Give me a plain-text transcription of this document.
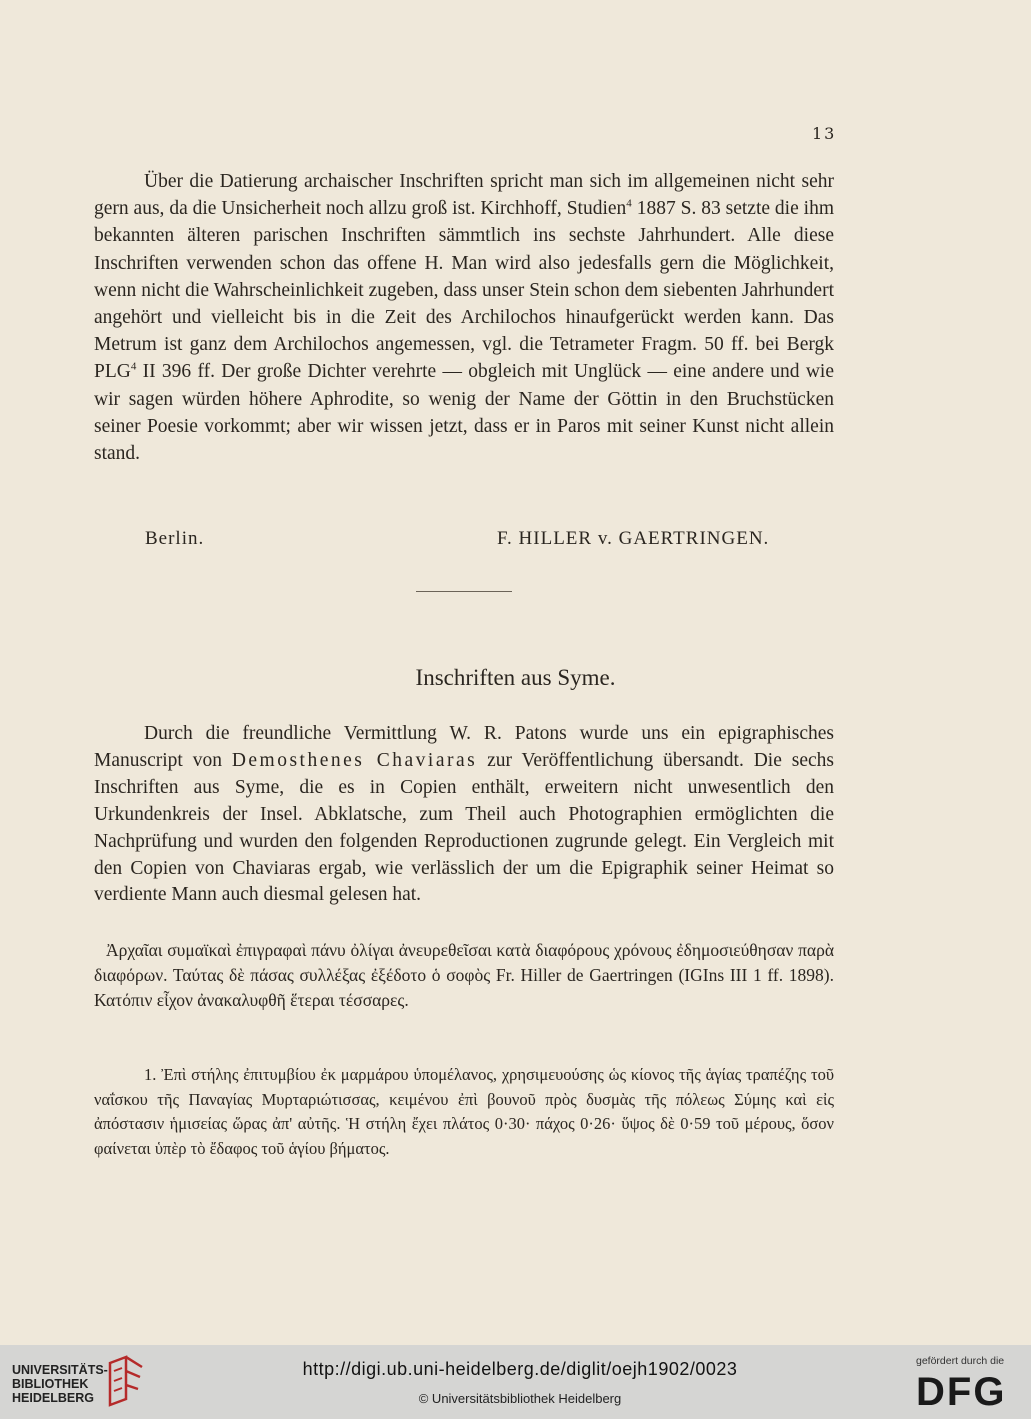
13
Über die Datierung archaischer Inschriften spricht man sich im allgemeinen nicht sehr gern aus, da die Unsicherheit noch allzu groß ist. Kirchhoff, Studien$^4$ 1887 S. 83 setzte die ihm bekannten älteren parischen Inschriften sämmtlich ins sechste Jahrhundert. Alle diese Inschriften verwenden schon das offene H. Man wird also jedesfalls gern die Möglichkeit, wenn nicht die Wahrscheinlichkeit zugeben, dass unser Stein schon dem siebenten Jahrhundert angehört und vielleicht bis in die Zeit des Archilochos hinaufgerückt werden kann. Das Metrum ist ganz dem Archilochos angemessen, vgl. die Tetrameter Fragm. 50 ff. bei Bergk PLG$^4$ II 396 ff. Der große Dichter verehrte — obgleich mit Unglück — eine andere und wie wir sagen würden höhere Aphrodite, so wenig der Name der Göttin in den Bruchstücken seiner Poesie vorkommt; aber wir wissen jetzt, dass er in Paros mit seiner Kunst nicht allein stand.
Berlin.	F. HILLER v. GAERTRINGEN.
Inschriften aus Syme.
Durch die freundliche Vermittlung W. R. Patons wurde uns ein epigraphisches Manuscript von Demosthenes Chaviaras zur Veröffentlichung übersandt. Die sechs Inschriften aus Syme, die es in Copien enthält, erweitern nicht unwesentlich den Urkundenkreis der Insel. Abklatsche, zum Theil auch Photographien ermöglichten die Nachprüfung und wurden den folgenden Reproductionen zugrunde gelegt. Ein Vergleich mit den Copien von Chaviaras ergab, wie verlässlich der um die Epigraphik seiner Heimat so verdiente Mann auch diesmal gelesen hat.
Ἀρχαῖαι συμαϊκαὶ ἐπιγραφαὶ πάνυ ὀλίγαι ἀνευρεθεῖσαι κατὰ διαφόρους χρόνους ἐδημοσιεύθησαν παρὰ διαφόρων. Ταύτας δὲ πάσας συλλέξας ἐξέδοτο ὁ σοφὸς Fr. Hiller de Gaertringen (IGIns III 1 ff. 1898). Κατόπιν εἶχον ἀνακαλυφθῆ ἕτεραι τέσσαρες.
1. Ἐπὶ στήλης ἐπιτυμβίου ἐκ μαρμάρου ὑπομέλανος, χρησιμευούσης ὡς κίονος τῆς ἁγίας τραπέζης τοῦ ναΐσκου τῆς Παναγίας Μυρταριώτισσας, κειμένου ἐπὶ βουνοῦ πρὸς δυσμὰς τῆς πόλεως Σύμης καὶ εἰς ἀπόστασιν ἡμισείας ὥρας ἀπ' αὐτῆς. Ἡ στήλη ἔχει πλάτος 0·30· πάχος 0·26· ὕψος δὲ 0·59 τοῦ μέρους, ὅσον φαίνεται ὑπὲρ τὸ ἔδαφος τοῦ ἁγίου βήματος.
UNIVERSITÄTS-
BIBLIOTHEK
HEIDELBERG
http://digi.ub.uni-heidelberg.de/diglit/oejh1902/0023
© Universitätsbibliothek Heidelberg
gefördert durch die
DFG
